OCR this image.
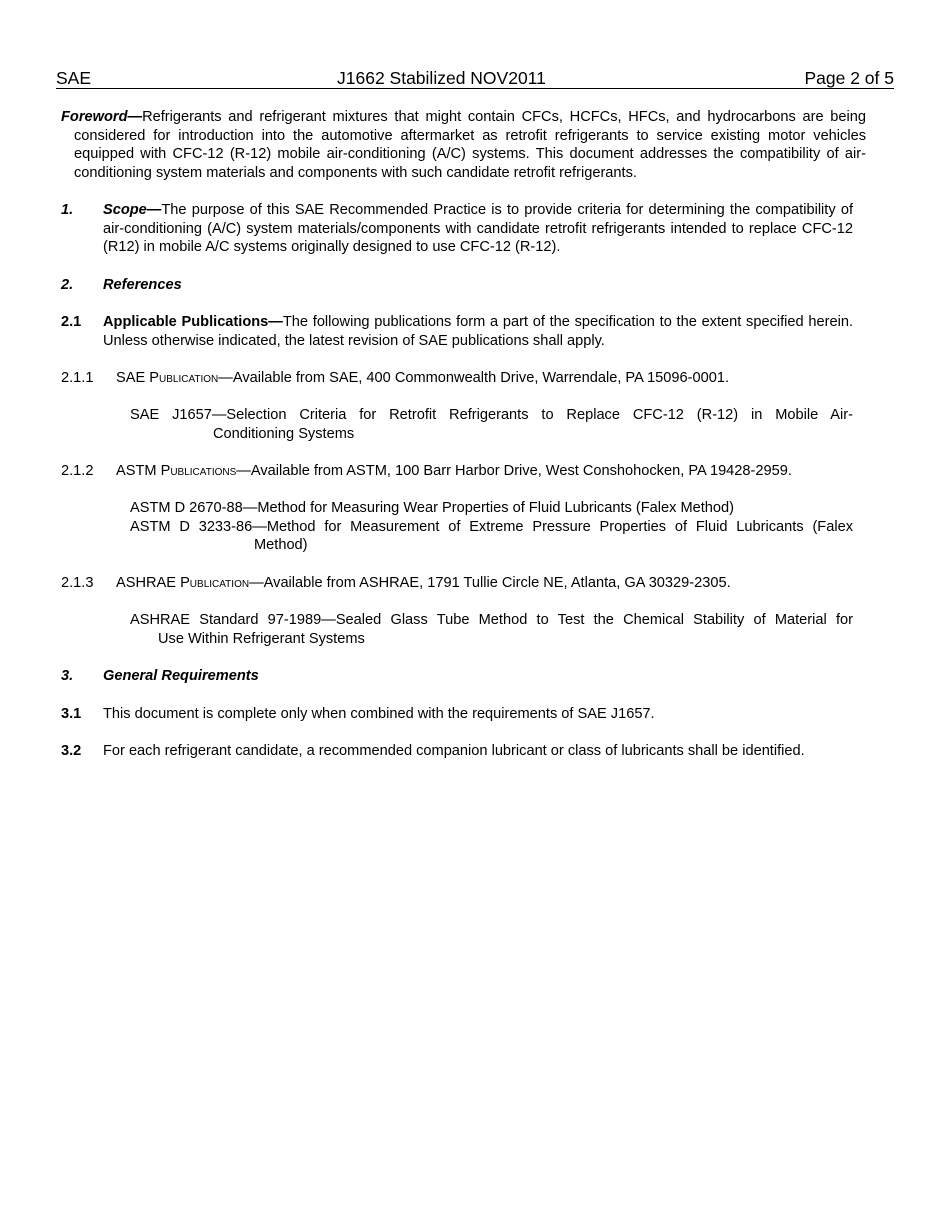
SAE	J1662 Stabilized NOV2011	Page 2 of 5
Foreword—Refrigerants and refrigerant mixtures that might contain CFCs, HCFCs, HFCs, and hydrocarbons are being considered for introduction into the automotive aftermarket as retrofit refrigerants to service existing motor vehicles equipped with CFC-12 (R-12) mobile air-conditioning (A/C) systems. This document addresses the compatibility of air-conditioning system materials and components with such candidate retrofit refrigerants.
1. Scope—The purpose of this SAE Recommended Practice is to provide criteria for determining the compatibility of air-conditioning (A/C) system materials/components with candidate retrofit refrigerants intended to replace CFC-12 (R12) in mobile A/C systems originally designed to use CFC-12 (R-12).
2. References
2.1 Applicable Publications—The following publications form a part of the specification to the extent specified herein. Unless otherwise indicated, the latest revision of SAE publications shall apply.
2.1.1 SAE Publication—Available from SAE, 400 Commonwealth Drive, Warrendale, PA 15096-0001.
SAE J1657—Selection Criteria for Retrofit Refrigerants to Replace CFC-12 (R-12) in Mobile Air-
Conditioning Systems
2.1.2 ASTM Publications—Available from ASTM, 100 Barr Harbor Drive, West Conshohocken, PA 19428-2959.
ASTM D 2670-88—Method for Measuring Wear Properties of Fluid Lubricants (Falex Method)
ASTM D 3233-86—Method for Measurement of Extreme Pressure Properties of Fluid Lubricants (Falex
Method)
2.1.3 ASHRAE Publication—Available from ASHRAE, 1791 Tullie Circle NE, Atlanta, GA 30329-2305.
ASHRAE Standard 97-1989—Sealed Glass Tube Method to Test the Chemical Stability of Material for
Use Within Refrigerant Systems
3. General Requirements
3.1 This document is complete only when combined with the requirements of SAE J1657.
3.2 For each refrigerant candidate, a recommended companion lubricant or class of lubricants shall be identified.
